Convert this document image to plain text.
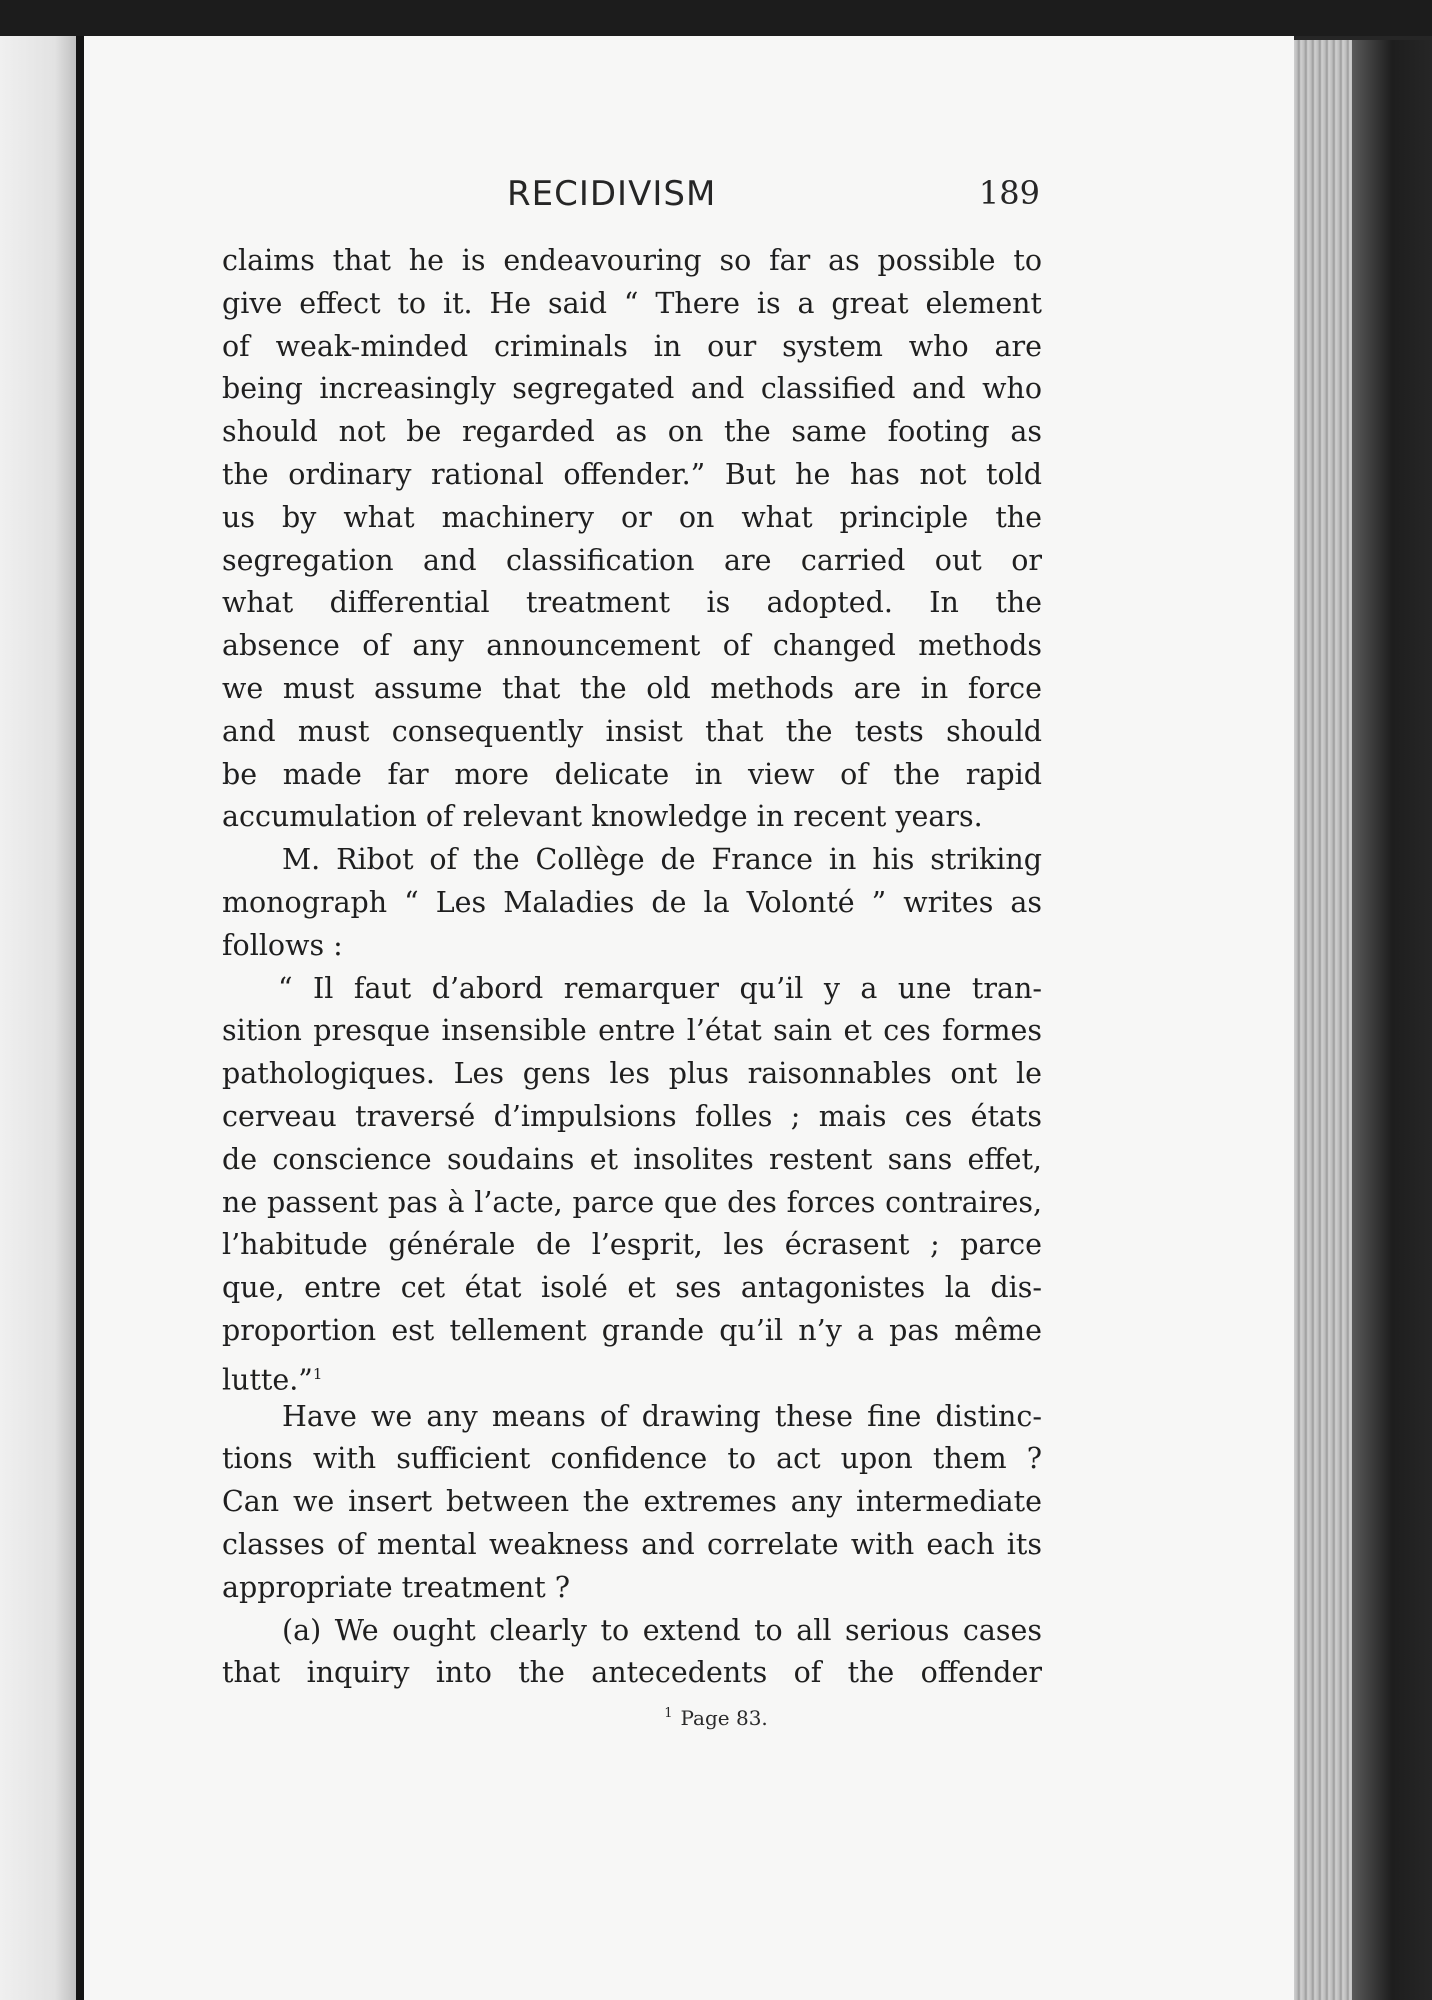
RECIDIVISM	189
claims that he is endeavouring so far as possible to
give effect to it. He said “ There is a great element
of weak-minded criminals in our system who are
being increasingly segregated and classified and who
should not be regarded as on the same footing as
the ordinary rational offender.” But he has not told
us by what machinery or on what principle the
segregation and classification are carried out or
what differential treatment is adopted. In the
absence of any announcement of changed methods
we must assume that the old methods are in force
and must consequently insist that the tests should
be made far more delicate in view of the rapid
accumulation of relevant knowledge in recent years.
M. Ribot of the Collège de France in his striking
monograph “ Les Maladies de la Volonté ” writes as
follows :
“ Il faut d’abord remarquer qu’il y a une tran-
sition presque insensible entre l’état sain et ces formes
pathologiques. Les gens les plus raisonnables ont le
cerveau traversé d’impulsions folles ; mais ces états
de conscience soudains et insolites restent sans effet,
ne passent pas à l’acte, parce que des forces contraires,
l’habitude générale de l’esprit, les écrasent ; parce
que, entre cet état isolé et ses antagonistes la dis-
proportion est tellement grande qu’il n’y a pas même
lutte.”$^1$
Have we any means of drawing these fine distinc-
tions with sufficient confidence to act upon them ?
Can we insert between the extremes any intermediate
classes of mental weakness and correlate with each its
appropriate treatment ?
(a) We ought clearly to extend to all serious cases
that inquiry into the antecedents of the offender
$^1$ Page 83.
